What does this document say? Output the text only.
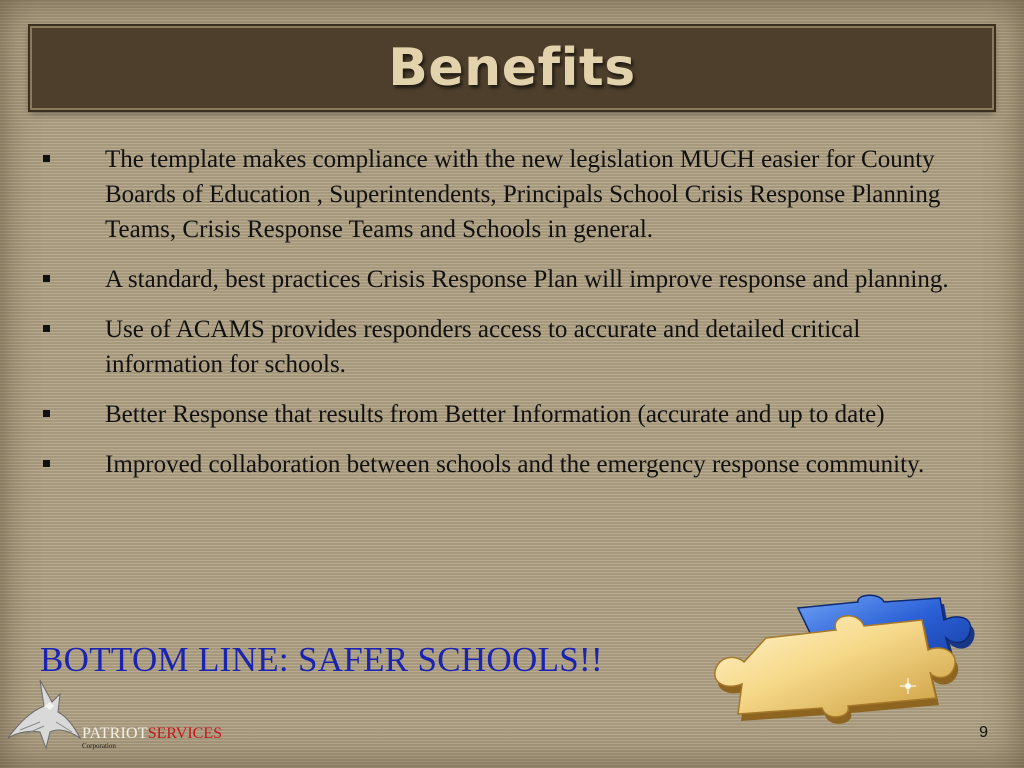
Benefits
The template makes compliance with the new legislation MUCH easier for County Boards of Education , Superintendents, Principals School Crisis Response Planning Teams, Crisis Response Teams and Schools in general.
A standard, best practices Crisis Response Plan will improve response and planning.
Use of ACAMS provides responders access to accurate and detailed critical information for schools.
Better Response that results from Better Information (accurate and up to date)
Improved collaboration between schools and the emergency response community.
BOTTOM LINE: SAFER SCHOOLS!!
PATRIOTSERVICES
Corporation
9
